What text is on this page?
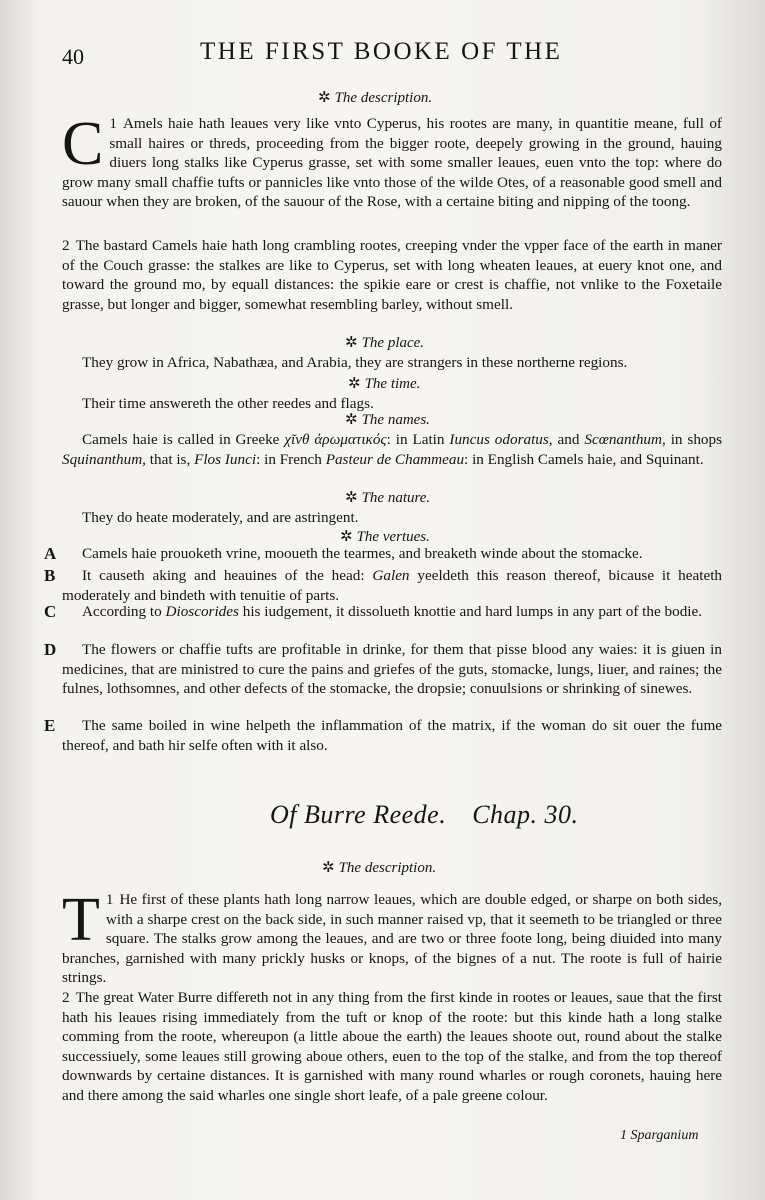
40	THE FIRST BOOKE OF THE
✲ The description.

1
C Amels haie hath leaues very like vnto Cyperus, his rootes are many, in quantitie meane, full of small haires or threds, proceeding from the bigger roote, deepely growing in the ground, hauing diuers long stalks like Cyperus grasse, set with some smaller leaues, euen vnto the top: where do grow many small chaffie tufts or pannicles like vnto those of the wilde Otes, of a reasonable good smell and sauour when they are broken, of the sauour of the Rose, with a certaine biting and nipping of the toong.

2 The bastard Camels haie hath long crambling rootes, creeping vnder the vpper face of the earth in maner of the Couch grasse: the stalkes are like to Cyperus, set with long wheaten leaues, at euery knot one, and toward the ground mo, by equall distances: the spikie eare or crest is chaffie, not vnlike to the Foxetaile grasse, but longer and bigger, somewhat resembling barley, without smell.

✲ The place.

They grow in Africa, Nabathæa, and Arabia, they are strangers in these northerne regions.

✲ The time.

Their time answereth the other reedes and flags.

✲ The names.

Camels haie is called in Greeke χῖνθ ἀρωματικός: in Latin Iuncus odoratus, and Scœnanthum, in shops Squinanthum, that is, Flos Iunci: in French Pasteur de Chammeau: in English Camels haie, and Squinant.

✲ The nature.

They do heate moderately, and are astringent.

✲ The vertues.
A	Camels haie prouoketh vrine, mooueth the tearmes, and breaketh winde about the stomacke.

B	It causeth aking and heauines of the head: Galen yeeldeth this reason thereof, bicause it heateth moderately and bindeth with tenuitie of parts.

C	According to Dioscorides his iudgement, it dissolueth knottie and hard lumps in any part of the bodie.

D	The flowers or chaffie tufts are profitable in drinke, for them that pisse blood any waies: it is giuen in medicines, that are ministred to cure the pains and griefes of the guts, stomacke, lungs, liuer, and raines; the fulnes, lothsomnes, and other defects of the stomacke, the dropsie; conuulsions or shrinking of sinewes.

E	The same boiled in wine helpeth the inflammation of the matrix, if the woman do sit ouer the fume thereof, and bath hir selfe often with it also.

Of Burre Reede. Chap. 30.
✲ The description.

1
T He first of these plants hath long narrow leaues, which are double edged, or sharpe on both sides, with a sharpe crest on the back side, in such manner raised vp, that it seemeth to be triangled or three square. The stalks grow among the leaues, and are two or three foote long, being diuided into many branches, garnished with many prickly husks or knops, of the bignes of a nut. The roote is full of hairie strings.

2 The great Water Burre differeth not in any thing from the first kinde in rootes or leaues, saue that the first hath his leaues rising immediately from the tuft or knop of the roote: but this kinde hath a long stalke comming from the roote, whereupon (a little aboue the earth) the leaues shoote out, round about the stalke successiuely, some leaues still growing aboue others, euen to the top of the stalke, and from the top thereof downwards by certaine distances. It is garnished with many round wharles or rough coronets, hauing here and there among the said wharles one single short leafe, of a pale greene colour.

1 Sparganium
